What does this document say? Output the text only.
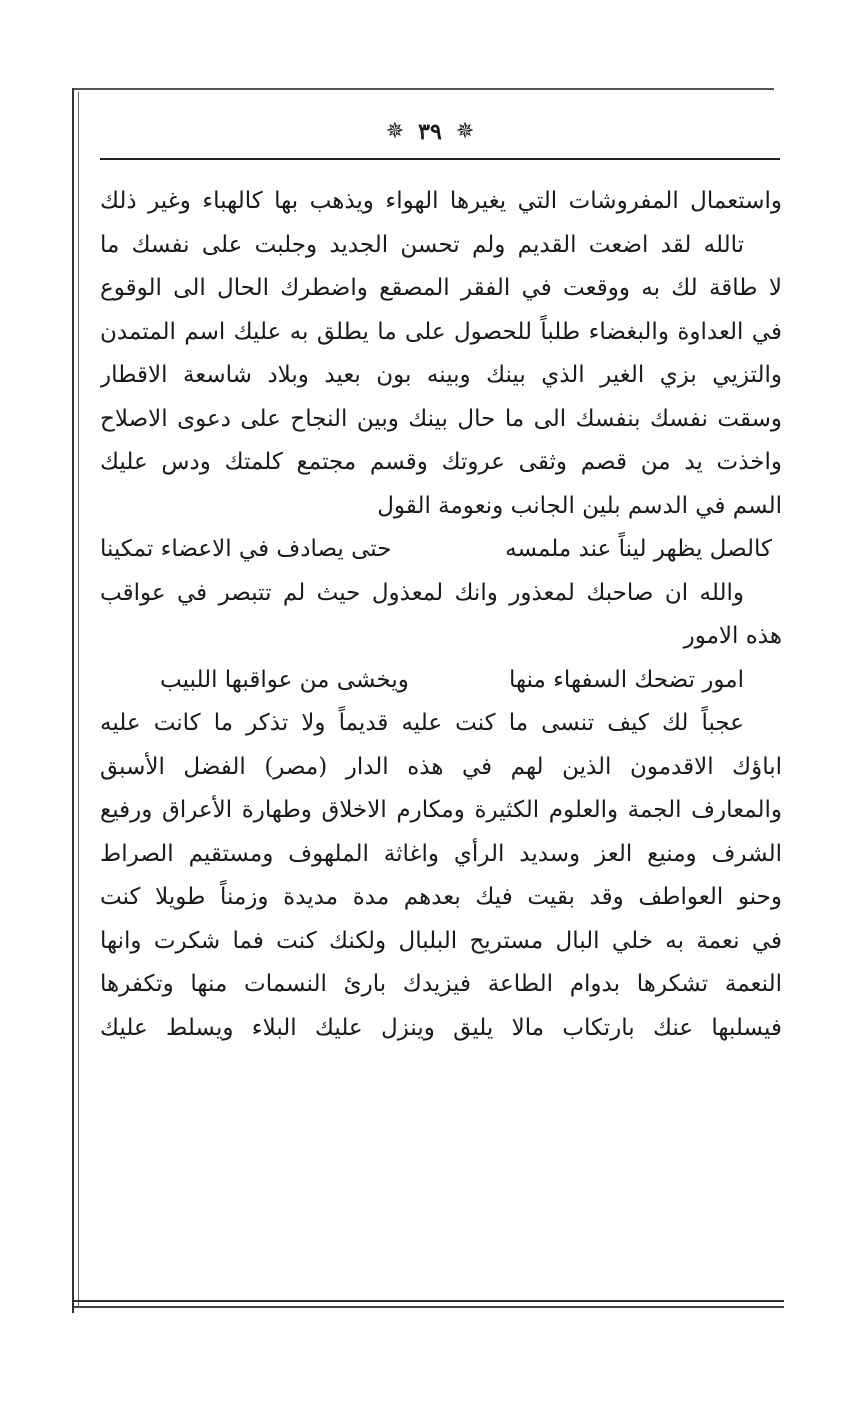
✵ ٣٩ ✵
واستعمال المفروشات التي يغيرها الهواء ويذهب بها كالهباء وغير ذلك
تالله لقد اضعت القديم ولم تحسن الجديد وجلبت على نفسك ما
لا طاقة لك به ووقعت في الفقر المصقع واضطرك الحال الى الوقوع
في العداوة والبغضاء طلباً للحصول على ما يطلق به عليك اسم المتمدن
والتزيي بزي الغير الذي بينك وبينه بون بعيد وبلاد شاسعة الاقطار
وسقت نفسك بنفسك الى ما حال بينك وبين النجاح على دعوى الاصلاح
واخذت يد من قصم وثقى عروتك وقسم مجتمع كلمتك ودس عليك
السم في الدسم بلين الجانب ونعومة القول
كالصل يظهر ليناً عند ملمسه
حتى يصادف في الاعضاء تمكينا
والله ان صاحبك لمعذور وانك لمعذول حيث لم تتبصر في عواقب
هذه الامور
امور تضحك السفهاء منها
ويخشى من عواقبها اللبيب
عجباً لك كيف تنسى ما كنت عليه قديماً ولا تذكر ما كانت عليه
اباؤك الاقدمون الذين لهم في هذه الدار (مصر) الفضل الأسبق
والمعارف الجمة والعلوم الكثيرة ومكارم الاخلاق وطهارة الأعراق ورفيع
الشرف ومنيع العز وسديد الرأي واغاثة الملهوف ومستقيم الصراط
وحنو العواطف وقد بقيت فيك بعدهم مدة مديدة وزمناً طويلا كنت
في نعمة به خلي البال مستريح البلبال ولكنك كنت فما شكرت وانها
النعمة تشكرها بدوام الطاعة فيزيدك بارئ النسمات منها وتكفرها
فيسلبها عنك بارتكاب مالا يليق وينزل عليك البلاء ويسلط عليك
